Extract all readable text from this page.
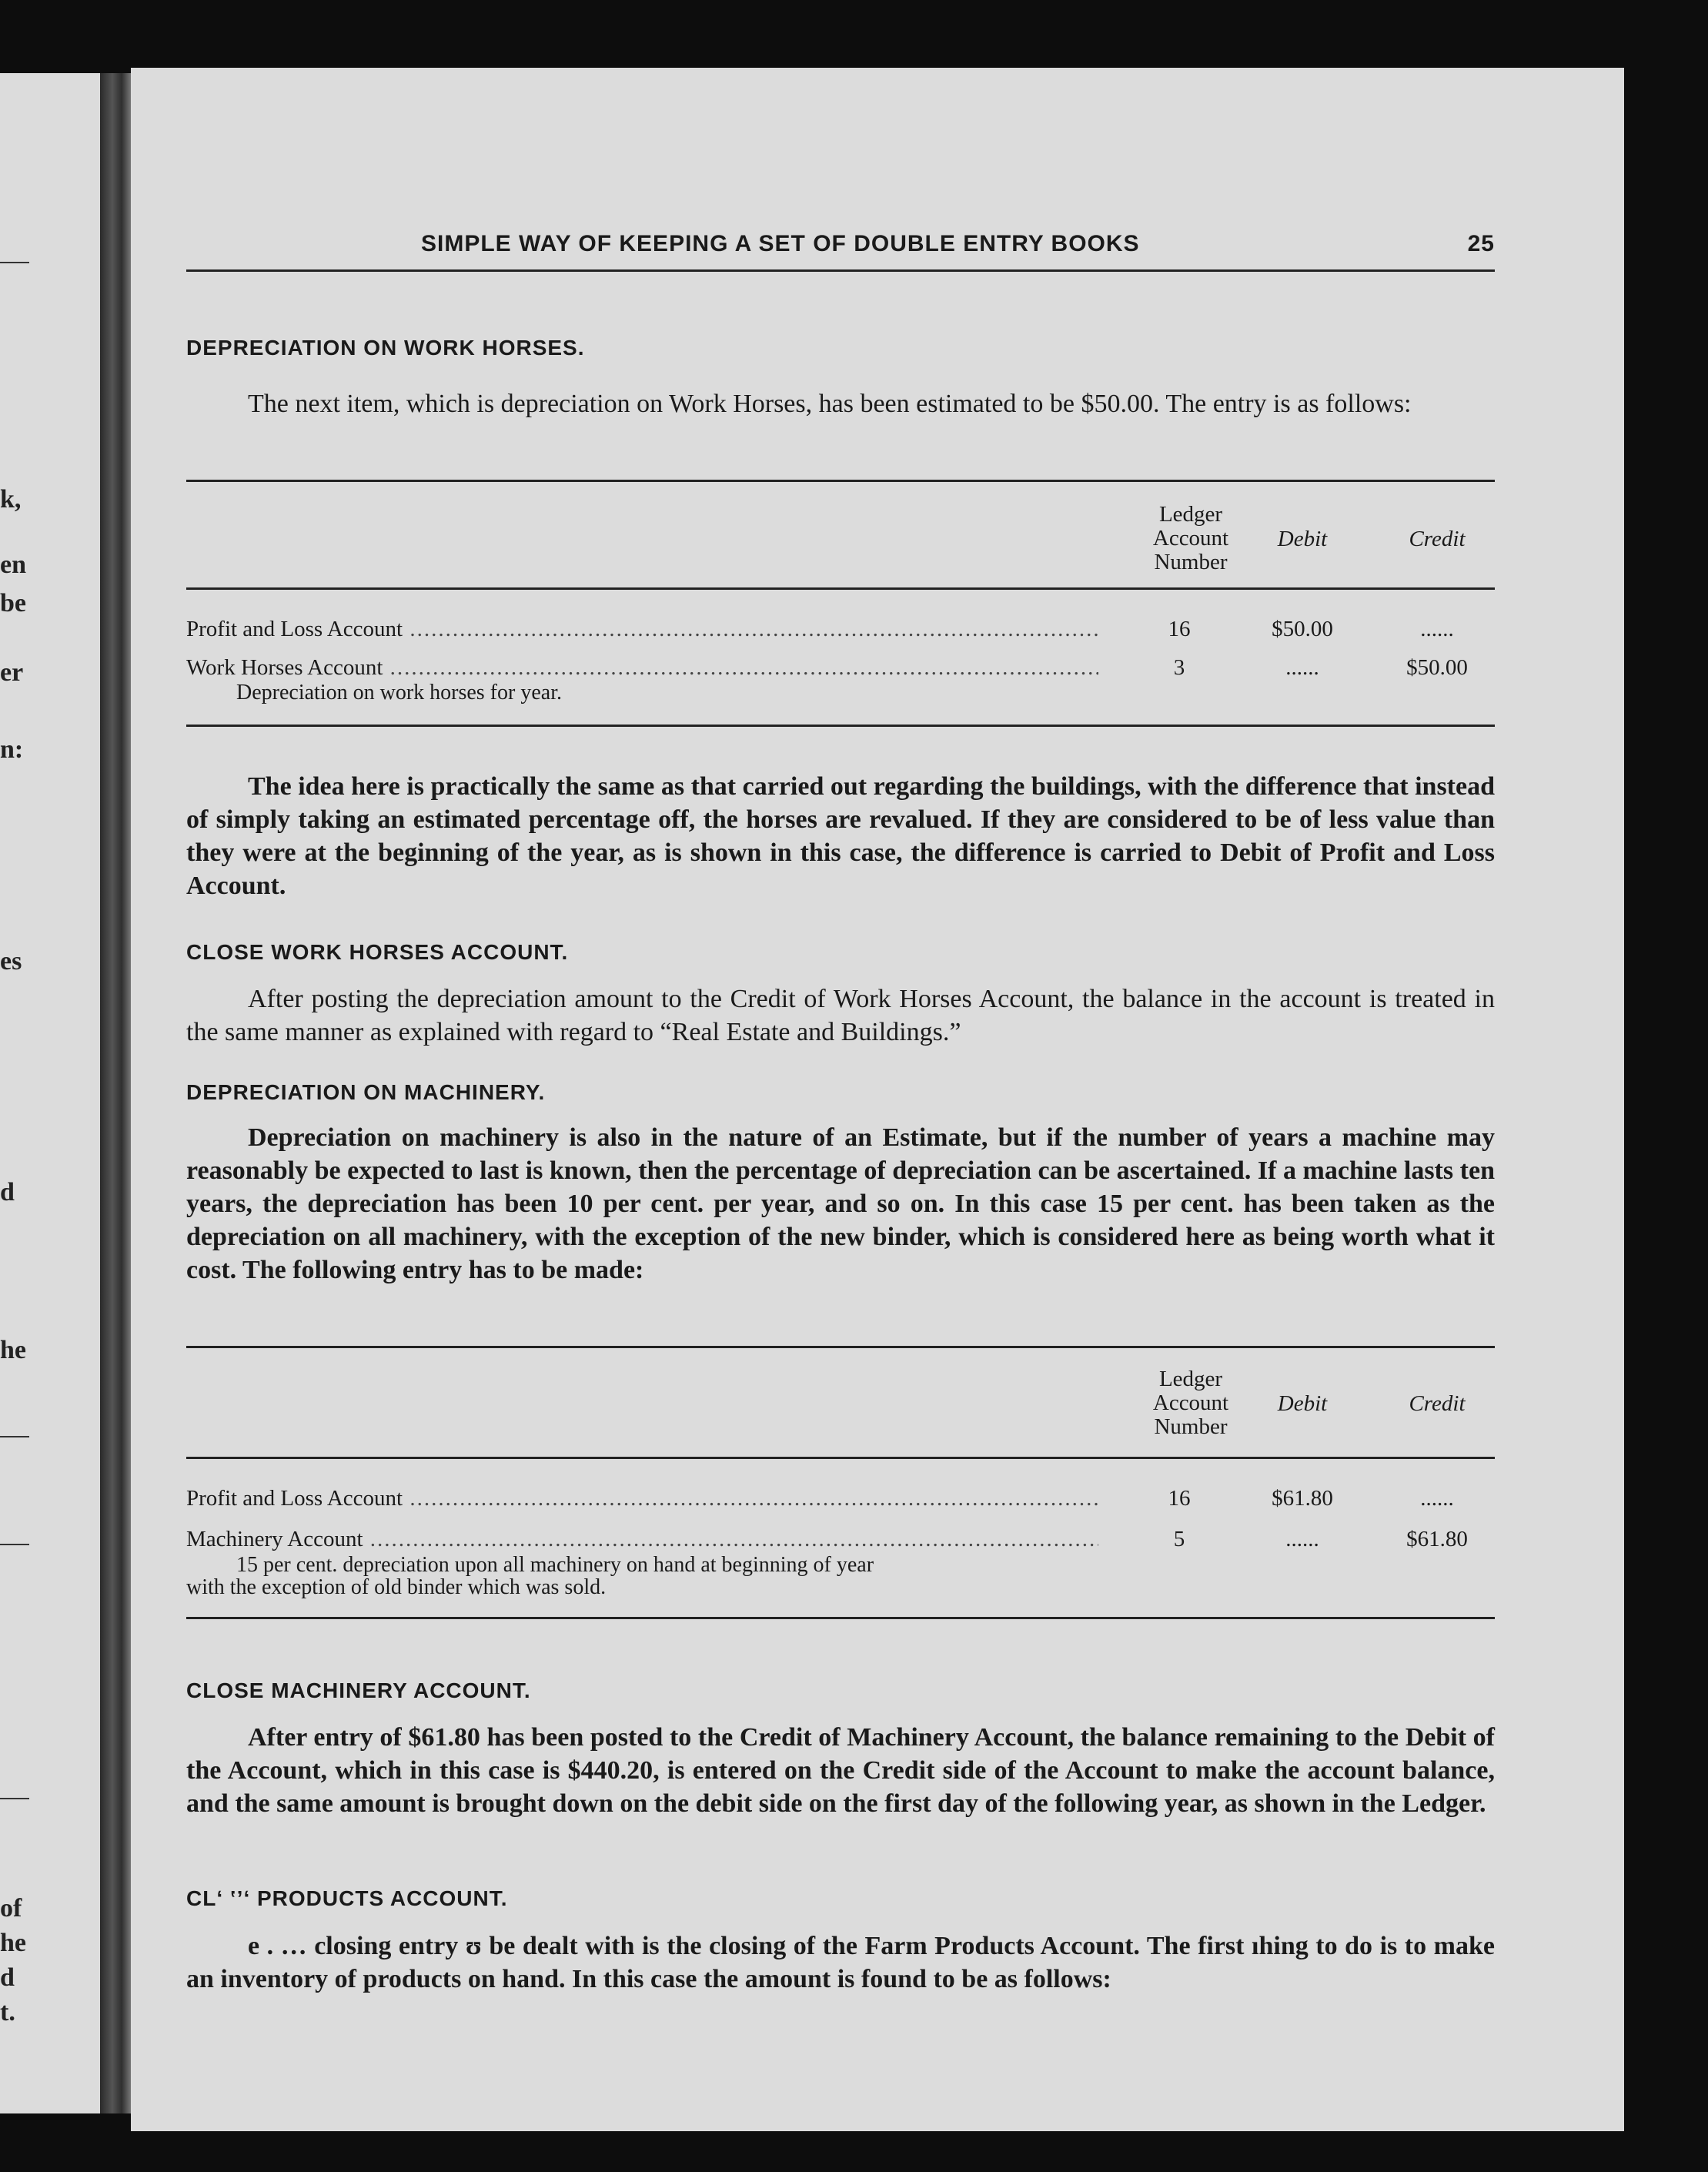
k,
en
be
er
n:
es
d
he
of
he
d
t.
SIMPLE WAY OF KEEPING A SET OF DOUBLE ENTRY BOOKS	25
DEPRECIATION ON WORK HORSES.
The next item, which is depreciation on Work Horses, has been estimated to be $50.00. The entry is as follows:
Ledger
Account
Number
Debit	Credit
Profit and Loss Account .....	16	$50.00	......
Work Horses Account .....	3	......	$50.00
Depreciation on work horses for year.
The idea here is practically the same as that carried out regarding the buildings, with the difference that instead of simply taking an estimated percentage off, the horses are revalued. If they are considered to be of less value than they were at the beginning of the year, as is shown in this case, the difference is carried to Debit of Profit and Loss Account.
CLOSE WORK HORSES ACCOUNT.
After posting the depreciation amount to the Credit of Work Horses Account, the balance in the account is treated in the same manner as explained with regard to “Real Estate and Buildings.”
DEPRECIATION ON MACHINERY.
Depreciation on machinery is also in the nature of an Estimate, but if the number of years a machine may reasonably be expected to last is known, then the percentage of depreciation can be ascertained. If a machine lasts ten years, the depreciation has been 10 per cent. per year, and so on. In this case 15 per cent. has been taken as the depreciation on all machinery, with the exception of the new binder, which is considered here as being worth what it cost. The following entry has to be made:
Ledger
Account
Number
Debit	Credit
Profit and Loss Account .....	16	$61.80	......
Machinery Account .....	5	......	$61.80
15 per cent. depreciation upon all machinery on hand at beginning of year
with the exception of old binder which was sold.
CLOSE MACHINERY ACCOUNT.
After entry of $61.80 has been posted to the Credit of Machinery Account, the balance remaining to the Debit of the Account, which in this case is $440.20, is entered on the Credit side of the Account to make the account balance, and the same amount is brought down on the debit side on the first day of the following year, as shown in the Ledger.
CLʻ ʽʼʻ PRODUCTS ACCOUNT.
e . … closing entry ʊ be dealt with is the closing of the Farm Products Account. The first ıhing to do is to make an inventory of products on hand. In this case the amount is found to be as follows:
